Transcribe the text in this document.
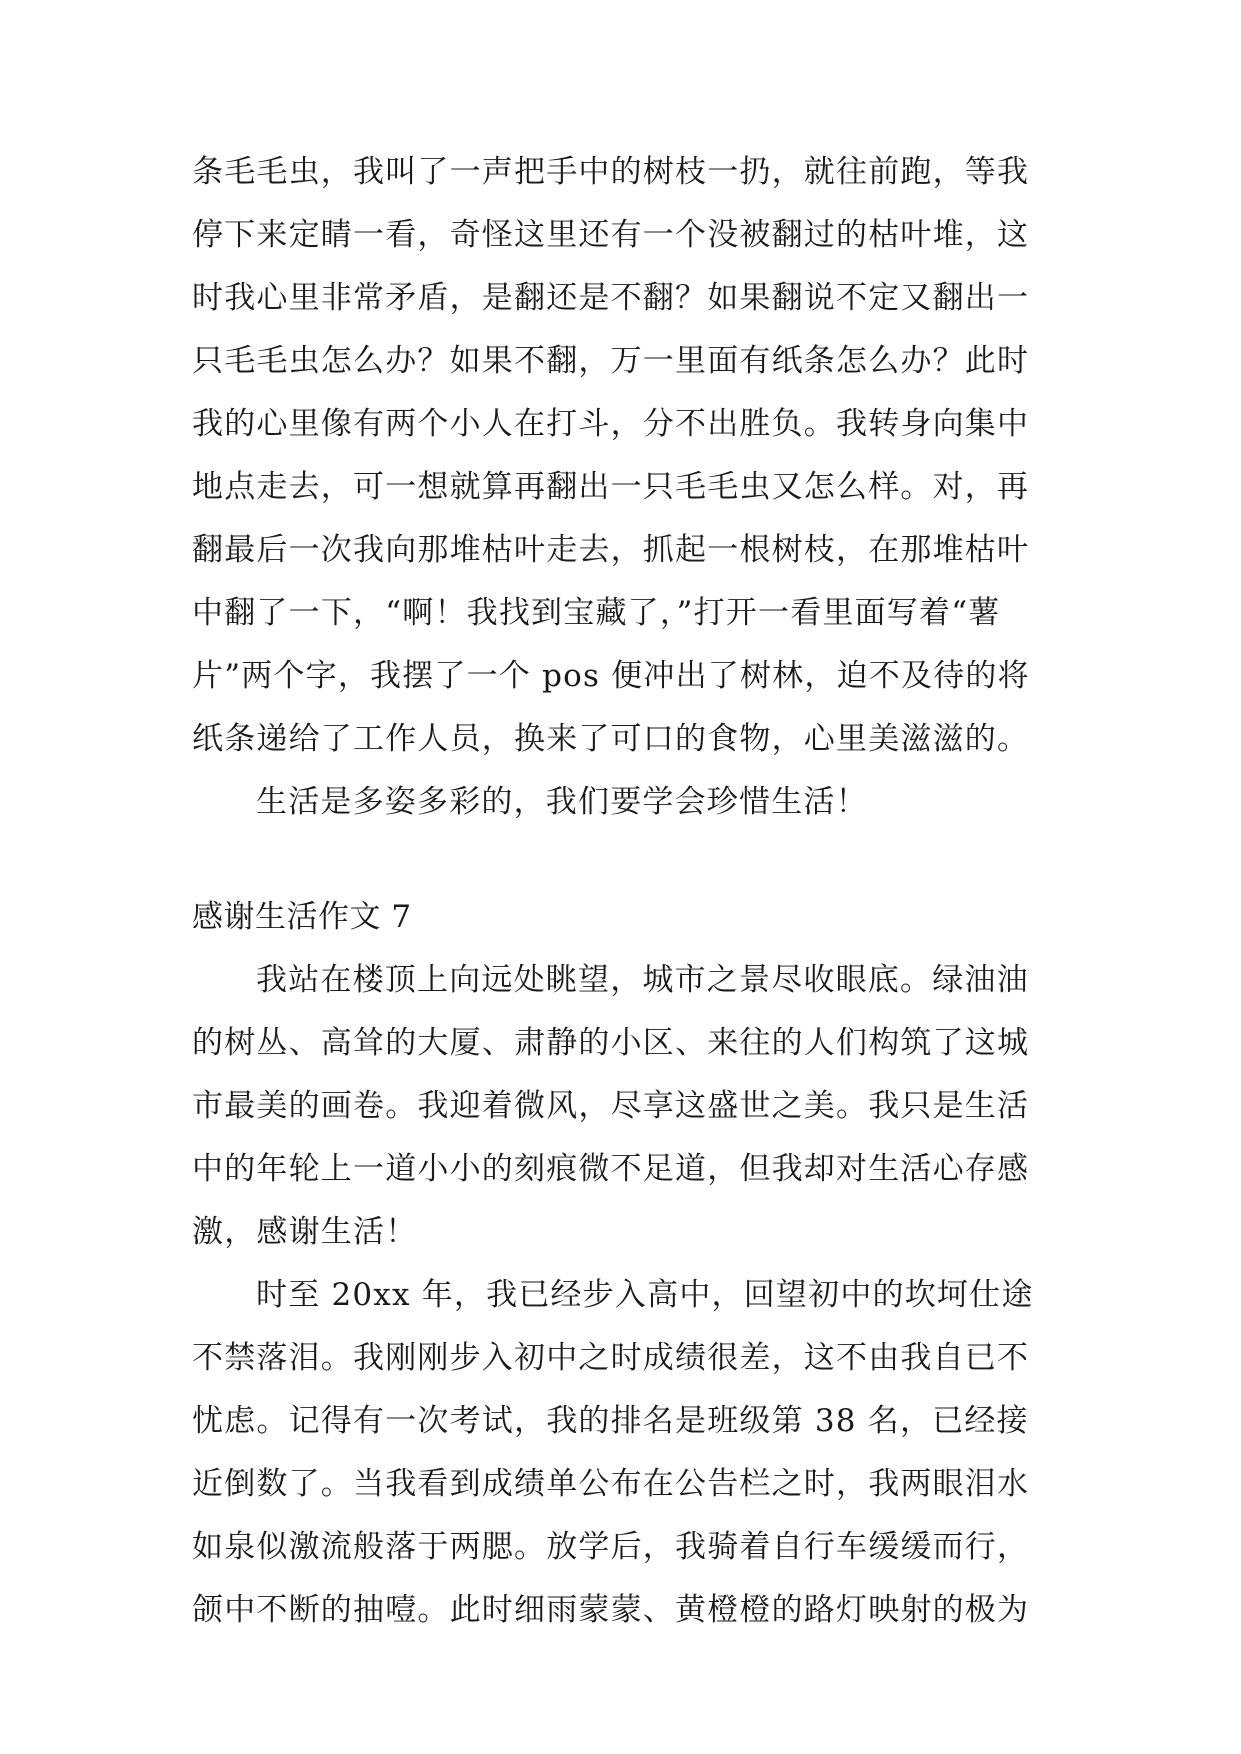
条毛毛虫，我叫了一声把手中的树枝一扔，就往前跑，等我
停下来定睛一看，奇怪这里还有一个没被翻过的枯叶堆，这
时我心里非常矛盾，是翻还是不翻？如果翻说不定又翻出一
只毛毛虫怎么办？如果不翻，万一里面有纸条怎么办？此时
我的心里像有两个小人在打斗，分不出胜负。我转身向集中
地点走去，可一想就算再翻出一只毛毛虫又怎么样。对，再
翻最后一次我向那堆枯叶走去，抓起一根树枝，在那堆枯叶
中翻了一下，“啊！我找到宝藏了，”打开一看里面写着“薯
片”两个字，我摆了一个 pos 便冲出了树林，迫不及待的将
纸条递给了工作人员，换来了可口的食物，心里美滋滋的。
生活是多姿多彩的，我们要学会珍惜生活！
感谢生活作文 7
我站在楼顶上向远处眺望，城市之景尽收眼底。绿油油
的树丛、高耸的大厦、肃静的小区、来往的人们构筑了这城
市最美的画卷。我迎着微风，尽享这盛世之美。我只是生活
中的年轮上一道小小的刻痕微不足道，但我却对生活心存感
激，感谢生活！
时至 20xx 年，我已经步入高中，回望初中的坎坷仕途
不禁落泪。我刚刚步入初中之时成绩很差，这不由我自已不
忧虑。记得有一次考试，我的排名是班级第 38 名，已经接
近倒数了。当我看到成绩单公布在公告栏之时，我两眼泪水
如泉似激流般落于两腮。放学后，我骑着自行车缓缓而行，
颌中不断的抽噎。此时细雨蒙蒙、黄橙橙的路灯映射的极为
